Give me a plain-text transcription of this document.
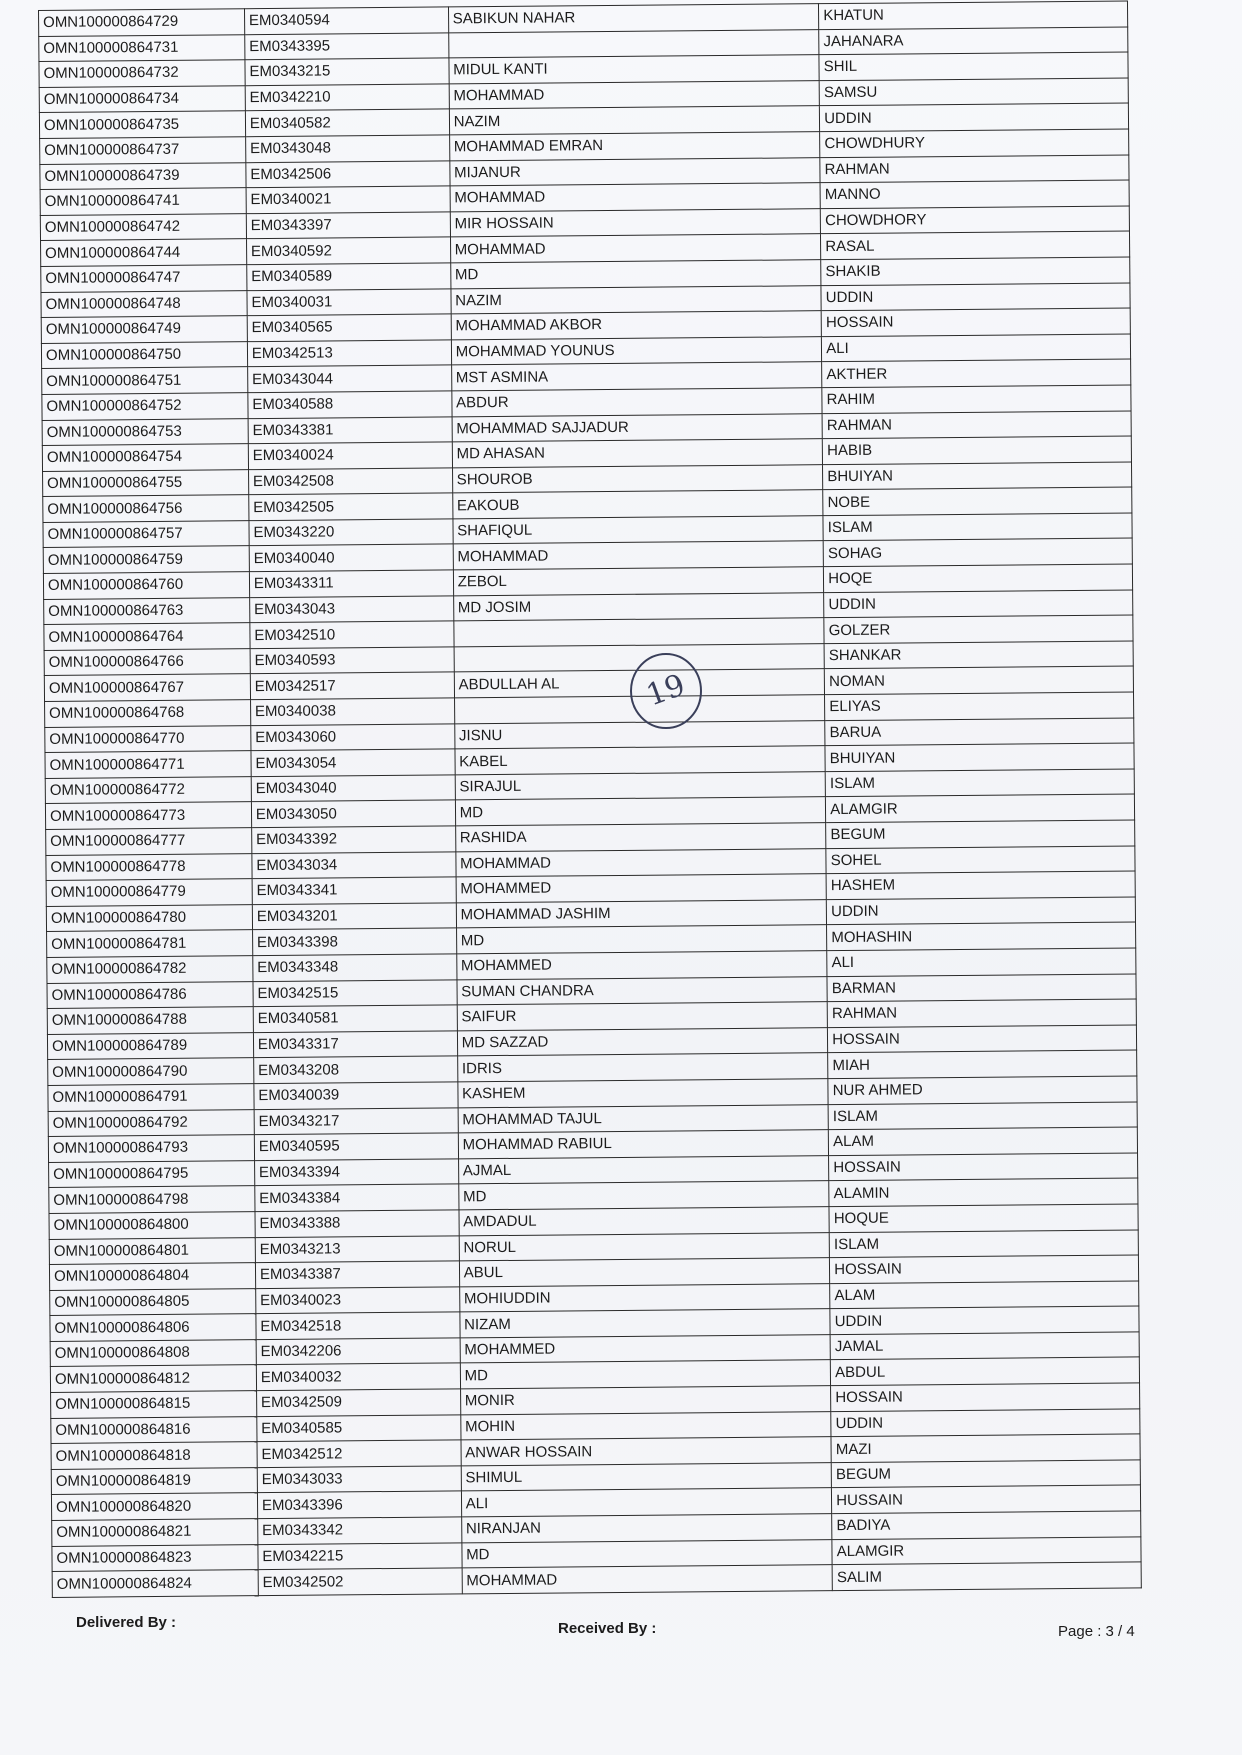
OMN100000864729	EM0340594	SABIKUN NAHAR	KHATUN
OMN100000864731	EM0343395		JAHANARA
OMN100000864732	EM0343215	MIDUL KANTI	SHIL
OMN100000864734	EM0342210	MOHAMMAD	SAMSU
OMN100000864735	EM0340582	NAZIM	UDDIN
OMN100000864737	EM0343048	MOHAMMAD EMRAN	CHOWDHURY
OMN100000864739	EM0342506	MIJANUR	RAHMAN
OMN100000864741	EM0340021	MOHAMMAD	MANNO
OMN100000864742	EM0343397	MIR HOSSAIN	CHOWDHORY
OMN100000864744	EM0340592	MOHAMMAD	RASAL
OMN100000864747	EM0340589	MD	SHAKIB
OMN100000864748	EM0340031	NAZIM	UDDIN
OMN100000864749	EM0340565	MOHAMMAD AKBOR	HOSSAIN
OMN100000864750	EM0342513	MOHAMMAD YOUNUS	ALI
OMN100000864751	EM0343044	MST ASMINA	AKTHER
OMN100000864752	EM0340588	ABDUR	RAHIM
OMN100000864753	EM0343381	MOHAMMAD SAJJADUR	RAHMAN
OMN100000864754	EM0340024	MD AHASAN	HABIB
OMN100000864755	EM0342508	SHOUROB	BHUIYAN
OMN100000864756	EM0342505	EAKOUB	NOBE
OMN100000864757	EM0343220	SHAFIQUL	ISLAM
OMN100000864759	EM0340040	MOHAMMAD	SOHAG
OMN100000864760	EM0343311	ZEBOL	HOQE
OMN100000864763	EM0343043	MD JOSIM	UDDIN
OMN100000864764	EM0342510		GOLZER
OMN100000864766	EM0340593		SHANKAR
OMN100000864767	EM0342517	ABDULLAH AL	NOMAN
OMN100000864768	EM0340038		ELIYAS
OMN100000864770	EM0343060	JISNU	BARUA
OMN100000864771	EM0343054	KABEL	BHUIYAN
OMN100000864772	EM0343040	SIRAJUL	ISLAM
OMN100000864773	EM0343050	MD	ALAMGIR
OMN100000864777	EM0343392	RASHIDA	BEGUM
OMN100000864778	EM0343034	MOHAMMAD	SOHEL
OMN100000864779	EM0343341	MOHAMMED	HASHEM
OMN100000864780	EM0343201	MOHAMMAD JASHIM	UDDIN
OMN100000864781	EM0343398	MD	MOHASHIN
OMN100000864782	EM0343348	MOHAMMED	ALI
OMN100000864786	EM0342515	SUMAN CHANDRA	BARMAN
OMN100000864788	EM0340581	SAIFUR	RAHMAN
OMN100000864789	EM0343317	MD SAZZAD	HOSSAIN
OMN100000864790	EM0343208	IDRIS	MIAH
OMN100000864791	EM0340039	KASHEM	NUR AHMED
OMN100000864792	EM0343217	MOHAMMAD TAJUL	ISLAM
OMN100000864793	EM0340595	MOHAMMAD RABIUL	ALAM
OMN100000864795	EM0343394	AJMAL	HOSSAIN
OMN100000864798	EM0343384	MD	ALAMIN
OMN100000864800	EM0343388	AMDADUL	HOQUE
OMN100000864801	EM0343213	NORUL	ISLAM
OMN100000864804	EM0343387	ABUL	HOSSAIN
OMN100000864805	EM0340023	MOHIUDDIN	ALAM
OMN100000864806	EM0342518	NIZAM	UDDIN
OMN100000864808	EM0342206	MOHAMMED	JAMAL
OMN100000864812	EM0340032	MD	ABDUL
OMN100000864815	EM0342509	MONIR	HOSSAIN
OMN100000864816	EM0340585	MOHIN	UDDIN
OMN100000864818	EM0342512	ANWAR HOSSAIN	MAZI
OMN100000864819	EM0343033	SHIMUL	BEGUM
OMN100000864820	EM0343396	ALI	HUSSAIN
OMN100000864821	EM0343342	NIRANJAN	BADIYA
OMN100000864823	EM0342215	MD	ALAMGIR
OMN100000864824	EM0342502	MOHAMMAD	SALIM
19
Delivered By :	Received By :	Page : 3 / 4
